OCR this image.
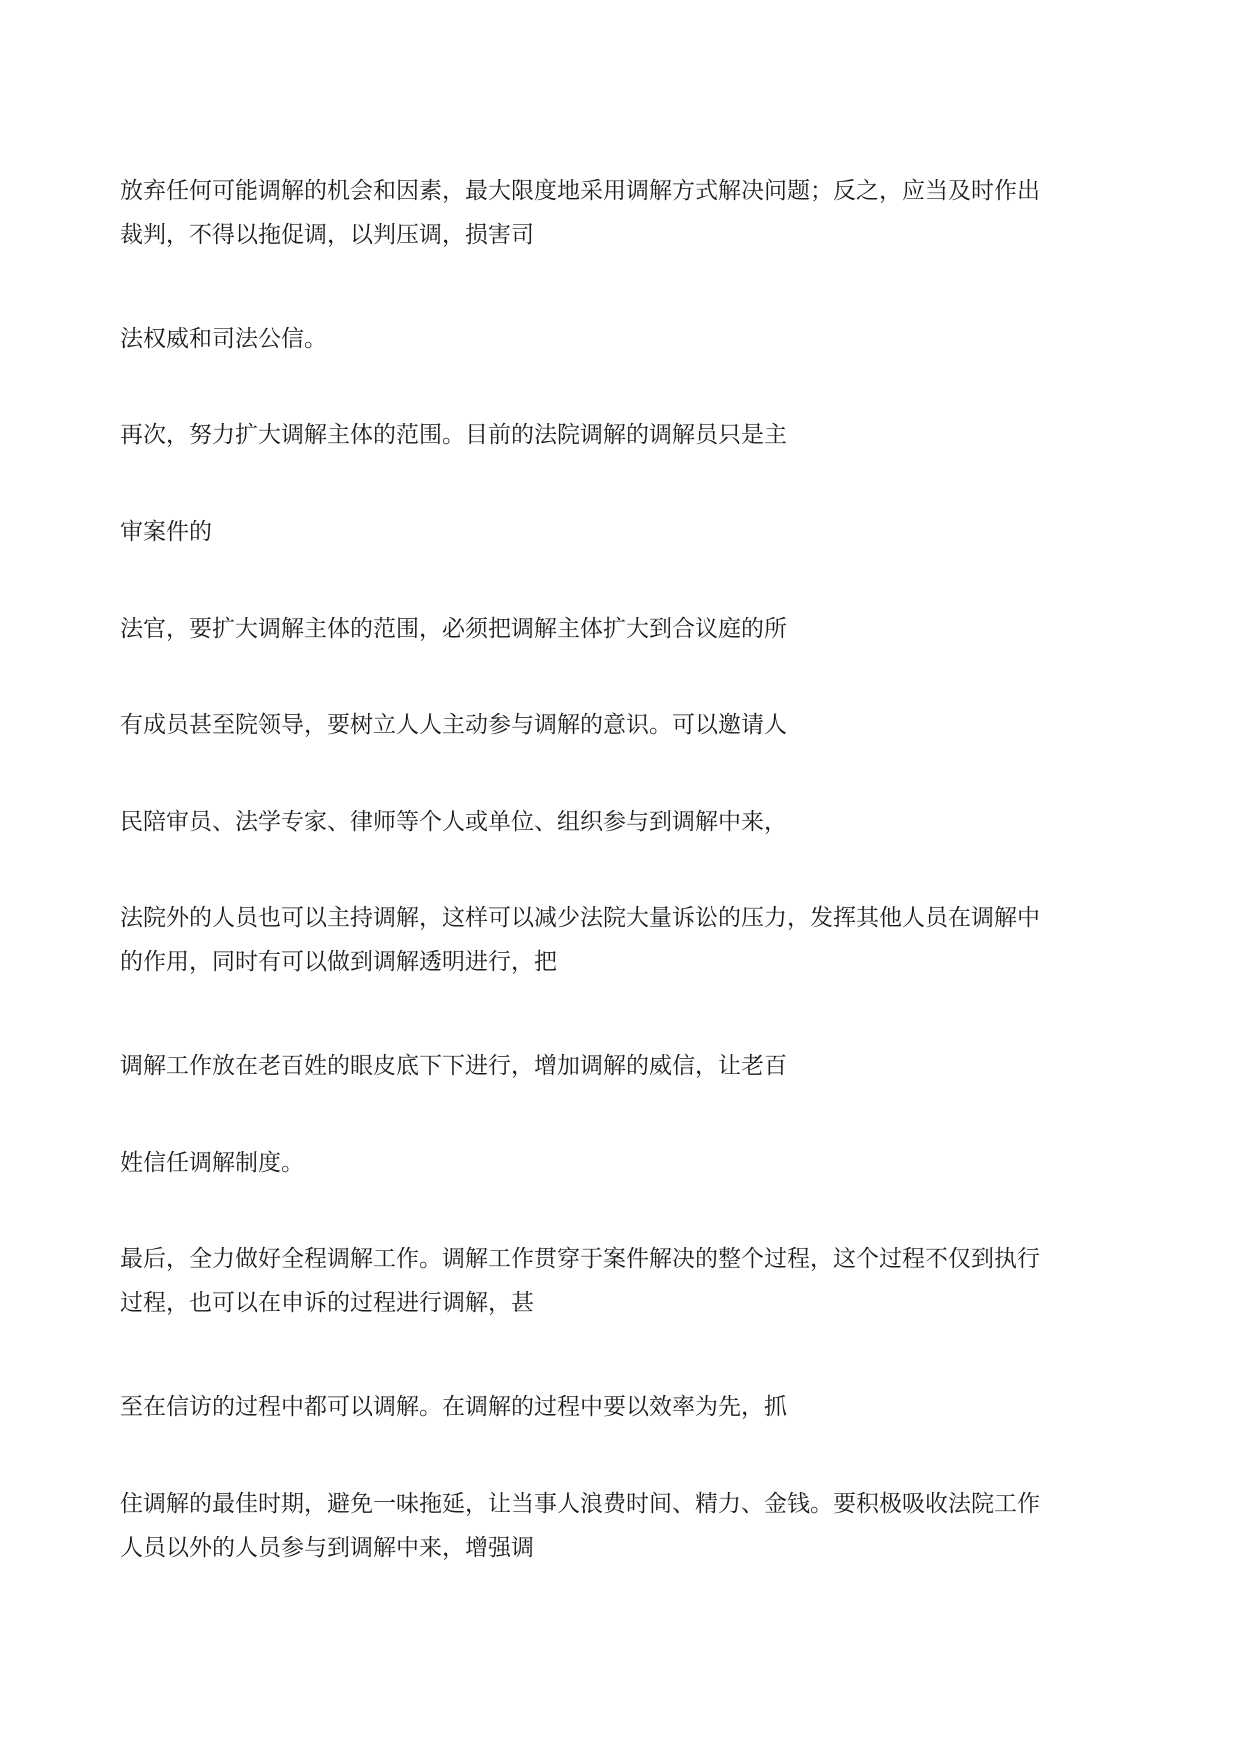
放弃任何可能调解的机会和因素，最大限度地采用调解方式解决问题；反之，应当及时作出
裁判，不得以拖促调，以判压调，损害司

法权威和司法公信。

再次，努力扩大调解主体的范围。目前的法院调解的调解员只是主

审案件的

法官，要扩大调解主体的范围，必须把调解主体扩大到合议庭的所

有成员甚至院领导，要树立人人主动参与调解的意识。可以邀请人

民陪审员、法学专家、律师等个人或单位、组织参与到调解中来，

法院外的人员也可以主持调解，这样可以减少法院大量诉讼的压力，发挥其他人员在调解中
的作用，同时有可以做到调解透明进行，把

调解工作放在老百姓的眼皮底下下进行，增加调解的威信，让老百

姓信任调解制度。

最后，全力做好全程调解工作。调解工作贯穿于案件解决的整个过程，这个过程不仅到执行
过程，也可以在申诉的过程进行调解，甚

至在信访的过程中都可以调解。在调解的过程中要以效率为先，抓

住调解的最佳时期，避免一味拖延，让当事人浪费时间、精力、金钱。要积极吸收法院工作
人员以外的人员参与到调解中来，增强调
